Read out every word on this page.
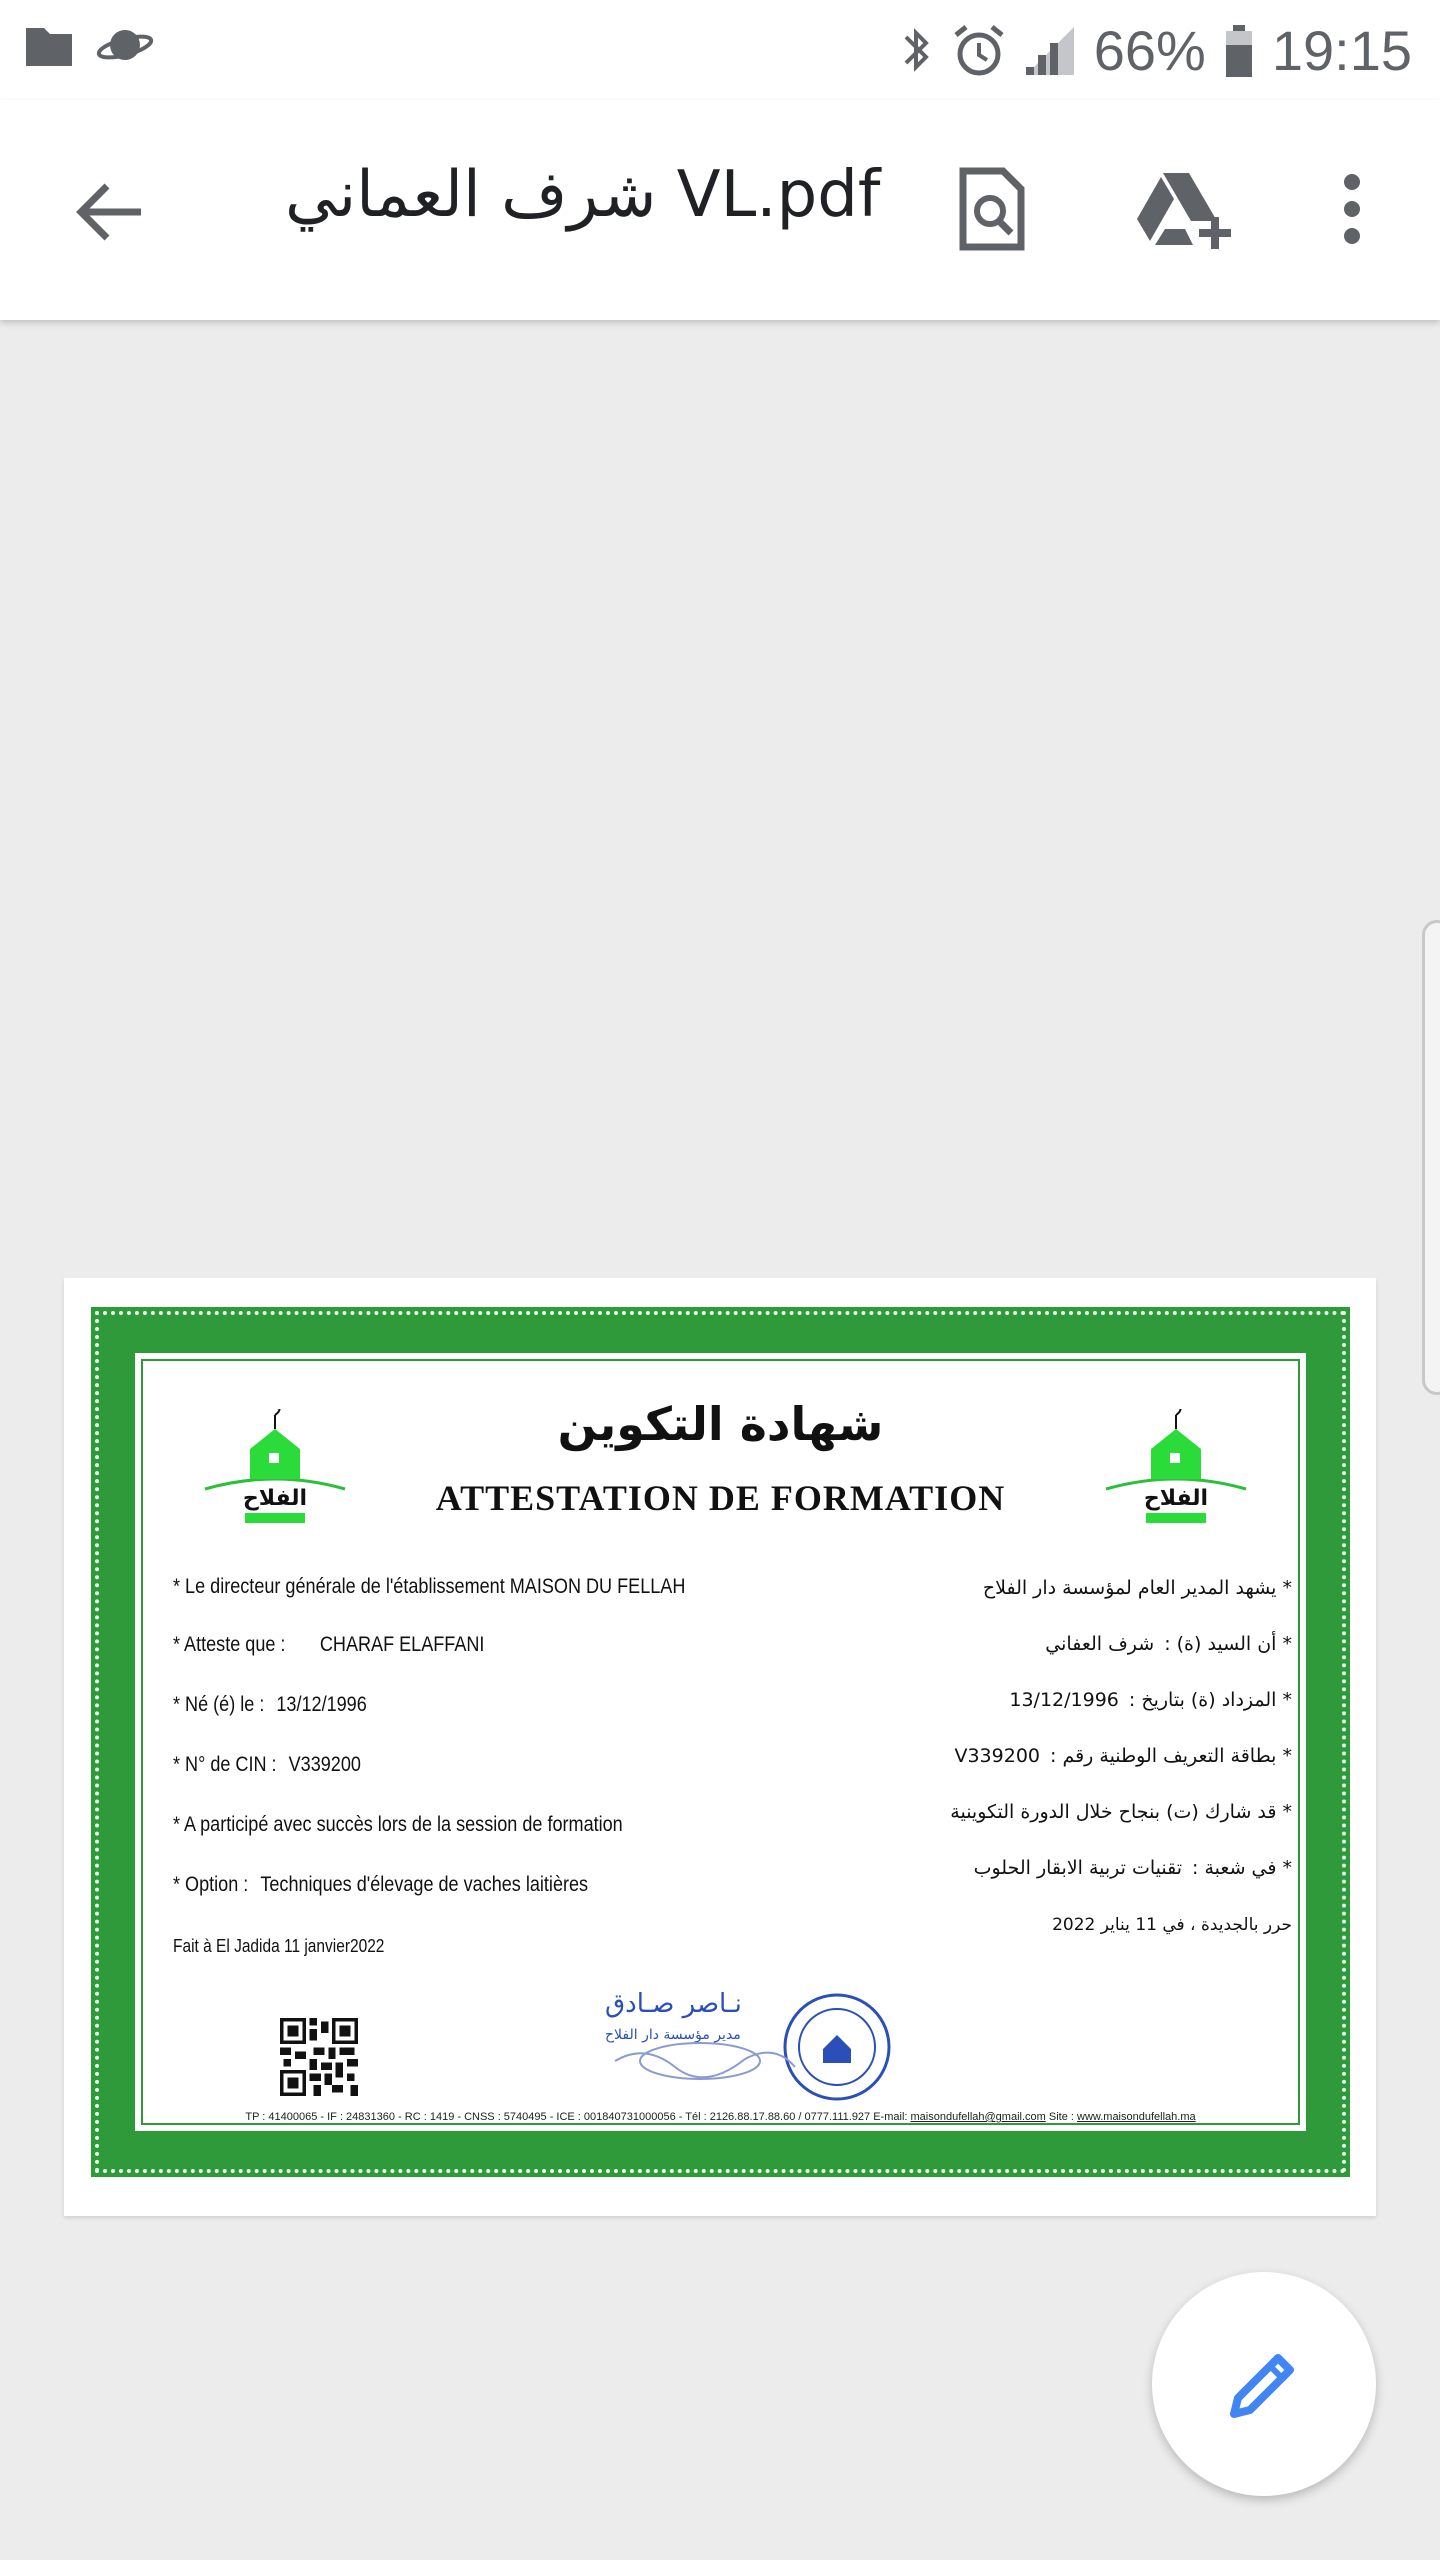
66% 19:15
شرف العماني VL.pdf
الفلاح	الفلاح
شهادة التكوين
ATTESTATION DE FORMATION
* Le directeur générale de l'établissement MAISON DU FELLAH
* Atteste que : CHARAF ELAFFANI
* Né (é) le : 13/12/1996
* N° de CIN : V339200
* A participé avec succès lors de la session de formation
* Option : Techniques d'élevage de vaches laitières
Fait à El Jadida 11 janvier2022
* يشهد المدير العام لمؤسسة دار الفلاح
* أن السيد (ة) :شرف العفاني
* المزداد (ة) بتاريخ :13/12/1996
* بطاقة التعريف الوطنية رقم :V339200
* قد شارك (ت) بنجاح خلال الدورة التكوينية
* في شعبة :تقنيات تربية الابقار الحلوب
حرر بالجديدة ، في 11 يناير 2022
نـاصر صـادق
مدير مؤسسة دار الفلاح
TP : 41400065 - IF : 24831360 - RC : 1419 - CNSS : 5740495 - ICE : 001840731000056 - Tél : 2126.88.17.88.60 / 0777.111.927 E-mail: maisondufellah@gmail.com Site : www.maisondufellah.ma
